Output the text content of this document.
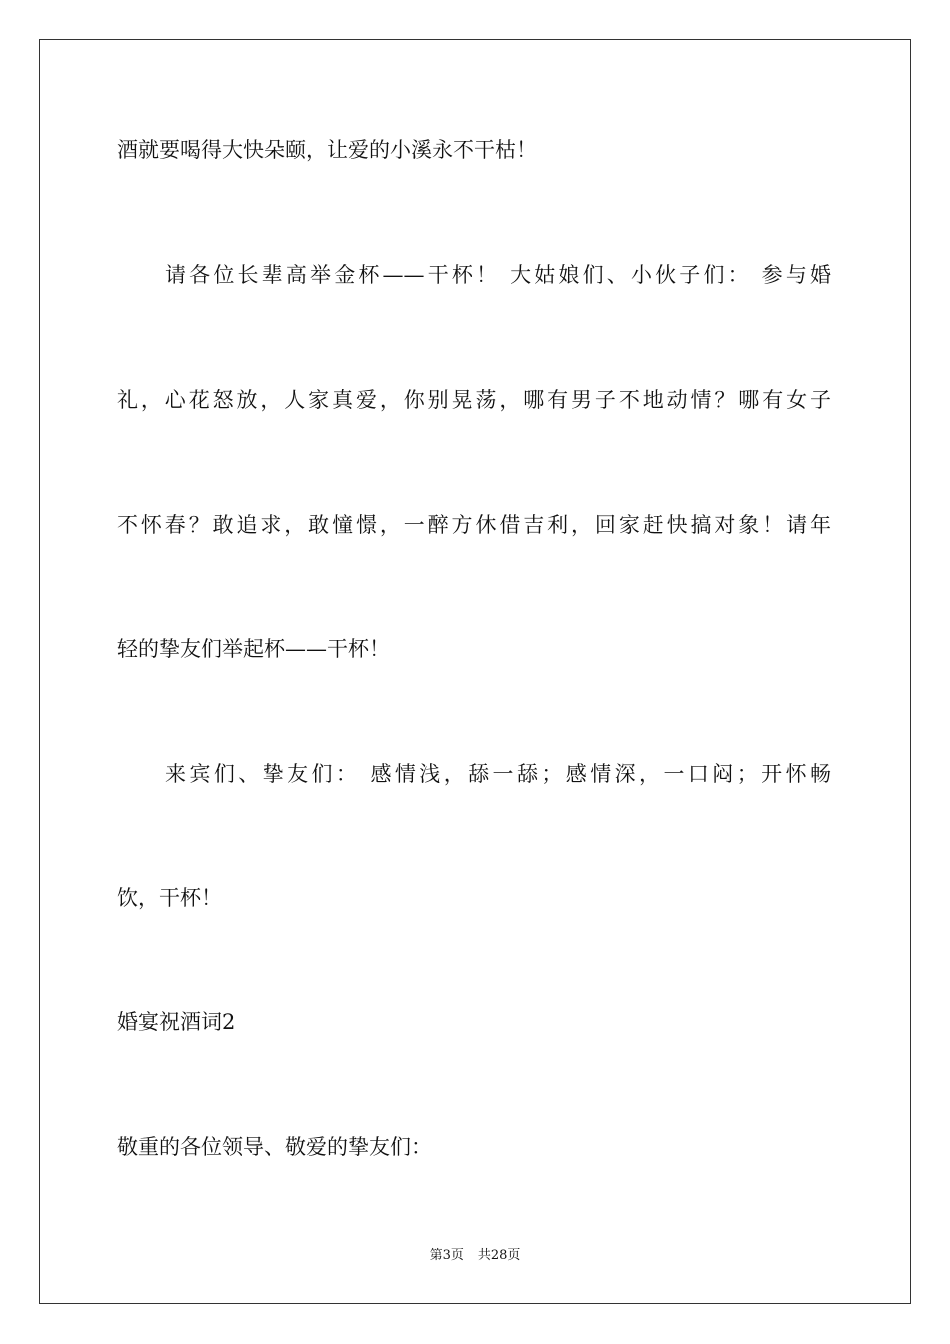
酒就要喝得大快朵颐，让爱的小溪永不干枯！
请各位长辈高举金杯——干杯！ 大姑娘们、小伙子们： 参与婚
礼，心花怒放，人家真爱，你别晃荡，哪有男子不地动情？哪有女子
不怀春？敢追求，敢憧憬，一醉方休借吉利，回家赶快搞对象！请年
轻的挚友们举起杯——干杯！
来宾们、挚友们： 感情浅，舔一舔；感情深，一口闷；开怀畅
饮，干杯！
婚宴祝酒词2
敬重的各位领导、敬爱的挚友们：
第3页 共28页
